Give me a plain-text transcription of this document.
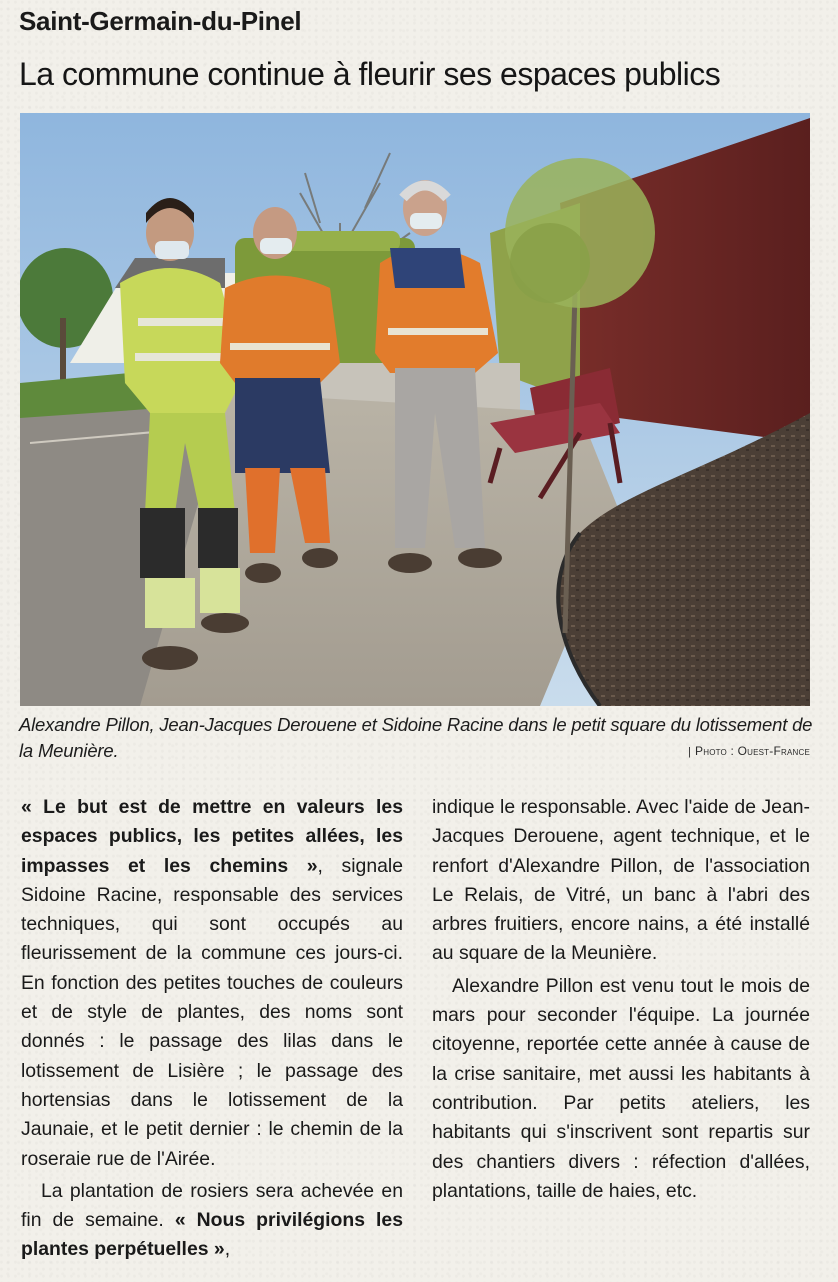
Saint-Germain-du-Pinel
La commune continue à fleurir ses espaces publics
Alexandre Pillon, Jean-Jacques Derouene et Sidoine Racine dans le petit square du lotissement de la Meunière.	| Photo : Ouest-France

« Le but est de mettre en valeurs les espaces publics, les petites allées, les impasses et les chemins », signale Sidoine Racine, responsable des services techniques, qui sont occupés au fleurissement de la commune ces jours-ci. En fonction des petites touches de couleurs et de style de plantes, des noms sont donnés : le passage des lilas dans le lotissement de Lisière ; le passage des hortensias dans le lotissement de la Jaunaie, et le petit dernier : le chemin de la roseraie rue de l'Airée.

La plantation de rosiers sera achevée en fin de semaine. « Nous privilégions les plantes perpétuelles »,

indique le responsable. Avec l'aide de Jean-Jacques Derouene, agent technique, et le renfort d'Alexandre Pillon, de l'association Le Relais, de Vitré, un banc à l'abri des arbres fruitiers, encore nains, a été installé au square de la Meunière.

Alexandre Pillon est venu tout le mois de mars pour seconder l'équipe. La journée citoyenne, reportée cette année à cause de la crise sanitaire, met aussi les habitants à contribution. Par petits ateliers, les habitants qui s'inscrivent sont repartis sur des chantiers divers : réfection d'allées, plantations, taille de haies, etc.
